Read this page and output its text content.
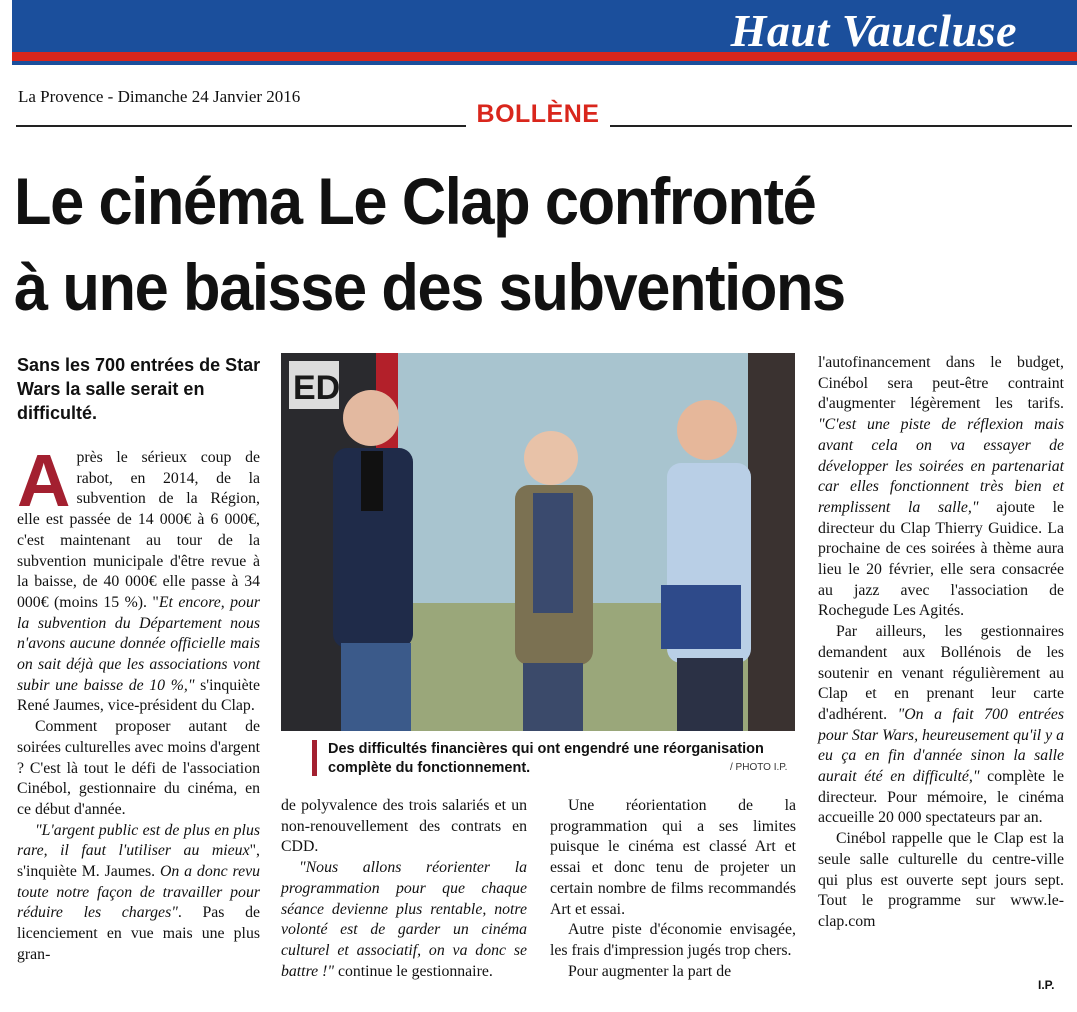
Haut Vaucluse
La Provence - Dimanche 24 Janvier 2016
BOLLÈNE
Le cinéma Le Clap confronté
à une baisse des subventions
Sans les 700 entrées de Star Wars la salle serait en difficulté.

Après le sérieux coup de rabot, en 2014, de la subvention de la Région, elle est passée de 14 000€ à 6 000€, c'est maintenant au tour de la subvention municipale d'être revue à la baisse, de 40 000€ elle passe à 34 000€ (moins 15 %). "Et encore, pour la subvention du Département nous n'avons aucune donnée officielle mais on sait déjà que les associations vont subir une baisse de 10 %," s'inquiète René Jaumes, vice-président du Clap.

Comment proposer autant de soirées culturelles avec moins d'argent ? C'est là tout le défi de l'association Cinébol, gestionnaire du cinéma, en ce début d'année.

"L'argent public est de plus en plus rare, il faut l'utiliser au mieux", s'inquiète M. Jaumes. On a donc revu toute notre façon de travailler pour réduire les charges". Pas de licenciement en vue mais une plus gran-

ED
Des difficultés financières qui ont engendré une réorganisation complète du fonctionnement.	/ PHOTO I.P.

de polyvalence des trois salariés et un non-renouvellement des contrats en CDD.

"Nous allons réorienter la programmation pour que chaque séance devienne plus rentable, notre volonté est de garder un cinéma culturel et associatif, on va donc se battre !" continue le gestionnaire.

Une réorientation de la programmation qui a ses limites puisque le cinéma est classé Art et essai et donc tenu de projeter un certain nombre de films recommandés Art et essai.

Autre piste d'économie envisagée, les frais d'impression jugés trop chers.

Pour augmenter la part de

l'autofinancement dans le budget, Cinébol sera peut-être contraint d'augmenter légèrement les tarifs. "C'est une piste de réflexion mais avant cela on va essayer de développer les soirées en partenariat car elles fonctionnent très bien et remplissent la salle," ajoute le directeur du Clap Thierry Guidice. La prochaine de ces soirées à thème aura lieu le 20 février, elle sera consacrée au jazz avec l'association de Rochegude Les Agités.

Par ailleurs, les gestionnaires demandent aux Bollénois de les soutenir en venant régulièrement au Clap et en prenant leur carte d'adhérent. "On a fait 700 entrées pour Star Wars, heureusement qu'il y a eu ça en fin d'année sinon la salle aurait été en difficulté," complète le directeur. Pour mémoire, le cinéma accueille 20 000 spectateurs par an.

Cinébol rappelle que le Clap est la seule salle culturelle du centre-ville qui plus est ouverte sept jours sept. Tout le programme sur www.le-clap.com

I.P.
